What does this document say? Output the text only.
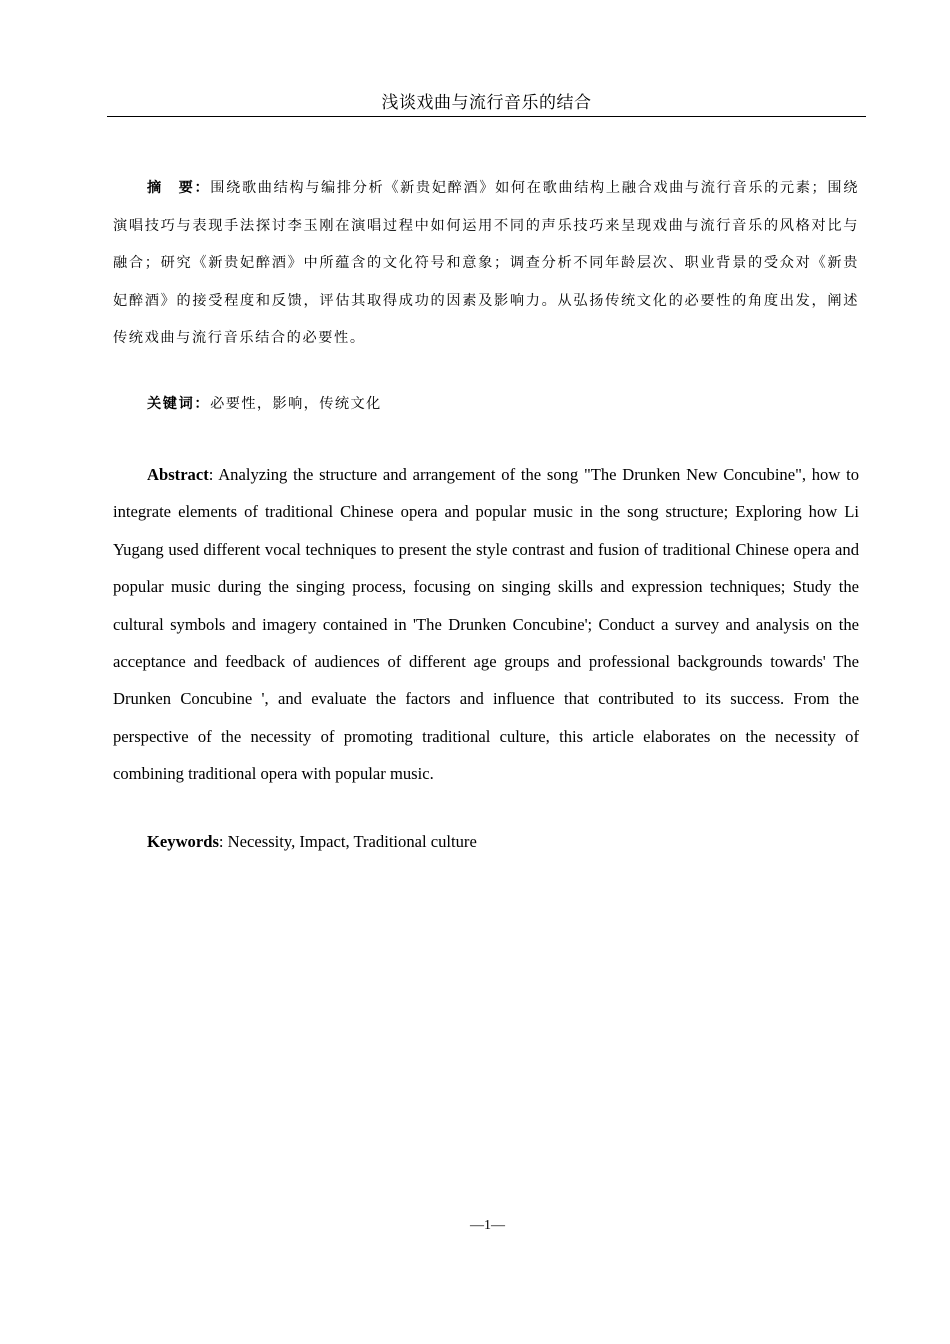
浅谈戏曲与流行音乐的结合

摘　要：围绕歌曲结构与编排分析《新贵妃醉酒》如何在歌曲结构上融合戏曲与流行音乐的元素；围绕演唱技巧与表现手法探讨李玉刚在演唱过程中如何运用不同的声乐技巧来呈现戏曲与流行音乐的风格对比与融合；研究《新贵妃醉酒》中所蕴含的文化符号和意象；调查分析不同年龄层次、职业背景的受众对《新贵妃醉酒》的接受程度和反馈，评估其取得成功的因素及影响力。从弘扬传统文化的必要性的角度出发，阐述传统戏曲与流行音乐结合的必要性。

关键词：必要性，影响，传统文化

Abstract: Analyzing the structure and arrangement of the song "The Drunken New Concubine", how to integrate elements of traditional Chinese opera and popular music in the song structure; Exploring how Li Yugang used different vocal techniques to present the style contrast and fusion of traditional Chinese opera and popular music during the singing process, focusing on singing skills and expression techniques; Study the cultural symbols and imagery contained in 'The Drunken Concubine'; Conduct a survey and analysis on the acceptance and feedback of audiences of different age groups and professional backgrounds towards' The Drunken Concubine ', and evaluate the factors and influence that contributed to its success. From the perspective of the necessity of promoting traditional culture, this article elaborates on the necessity of combining traditional opera with popular music.

Keywords: Necessity, Impact, Traditional culture

—1—
